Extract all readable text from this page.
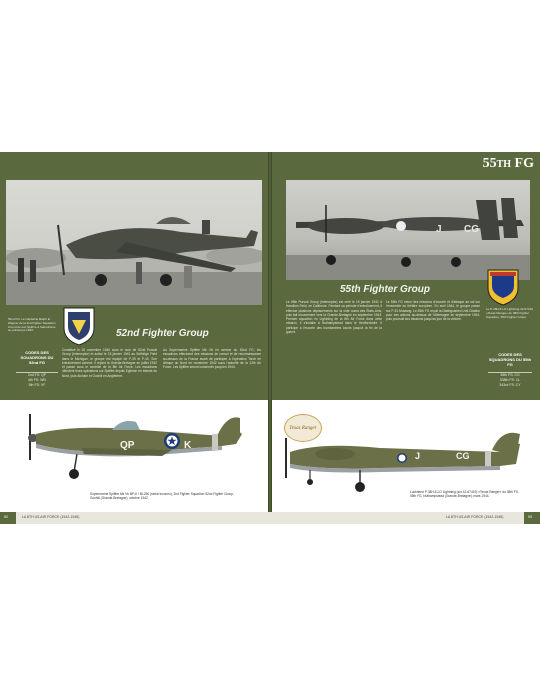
J CG
55th FG
52nd Fighter Group
55th Fighter Group
52nd FG: Le Capitaine Ralph E. Wagner de la 2nd Fighter Squadron à bord de son Spitfire à l'aérodrome au printemps 1943.
CODES DES SOUADRONS DU 52nd FG
2nd FS: QP
4th FS: WD
5th FS: VF
Constitué le 20 novembre 1940 sous le nom de 52nd Pursuit Group (Interceptor) et activé le 15 janvier 1941 au Selfridge Field dans le Michigan, le groupe est équipé de P-39 et P-40. Son entraînement achevé, il rejoint la Grande-Bretagne en juillet 1942 et passe sous le contrôle de la 8th Air Force. Les escadrons débutent leurs opérations sur Spitfire depuis Eglinton en Irlande du Nord, puis Atcham et Goxhill en Angleterre.
Au Supermarine Spitfire Mk Vb en service au 52nd FG, les escadrons effectuent des missions de convoi et de reconnaissance au-dessus de la France avant de participer à l'opération Torch en Afrique du Nord en novembre 1942 sous l'autorité de la 12th Air Force. Les Spitfire seront conservés jusqu'en 1944.
Le 55th Pursuit Group (Interceptor) est créé le 15 janvier 1941 à Hamilton Field, en Californie. Pendant sa période d'entraînement, il effectue plusieurs déplacements sur la côte ouest des États-Unis, puis fait mouvement vers la Grande-Bretagne en septembre 1943. Premier squadron en Lightning de la 8th Air Force dans cette mission, il s'installe à Nuthampstead dans le Hertfordshire. Il participe à l'escorte des bombardiers lourds jusqu'à la fin de la guerre.
Le 55th FG mène des missions d'escorte et d'attaque au sol sur l'ensemble du théâtre européen. En avril 1944, le groupe passe sur P-51 Mustang. Le 55th FG reçoit la Distinguished Unit Citation pour ses actions au-dessus de l'Allemagne en septembre 1944, puis poursuit ses missions jusqu'au jour de la victoire.
Le P-38H-5-LO Lightning 42-67419 «Texas Ranger» du 38th Fighter Squadron, 55th Fighter Group.
CODES DES SQUADRONS DU 55th FG
38th FS: CG
338th FS: CL
343rd FS: CY
QP	K
Supermarine Spitfire Mk Vb BP-K / BL260 (serial inconnu), 2nd Fighter Squadron 52nd Fighter Group, Goxhill (Grande-Bretagne), octobre 1942.
Texas Ranger
J	CG
Lockheed P-38H-5-LO Lightning (s/n 42-67419) «Texas Ranger» du 38th FS, 55th FG, Nuthampstead (Grande-Bretagne), mars 1944.
92	LA 8TH US AIR FORCE (1942-1945)	LA 8TH US AIR FORCE (1942-1945)	93
